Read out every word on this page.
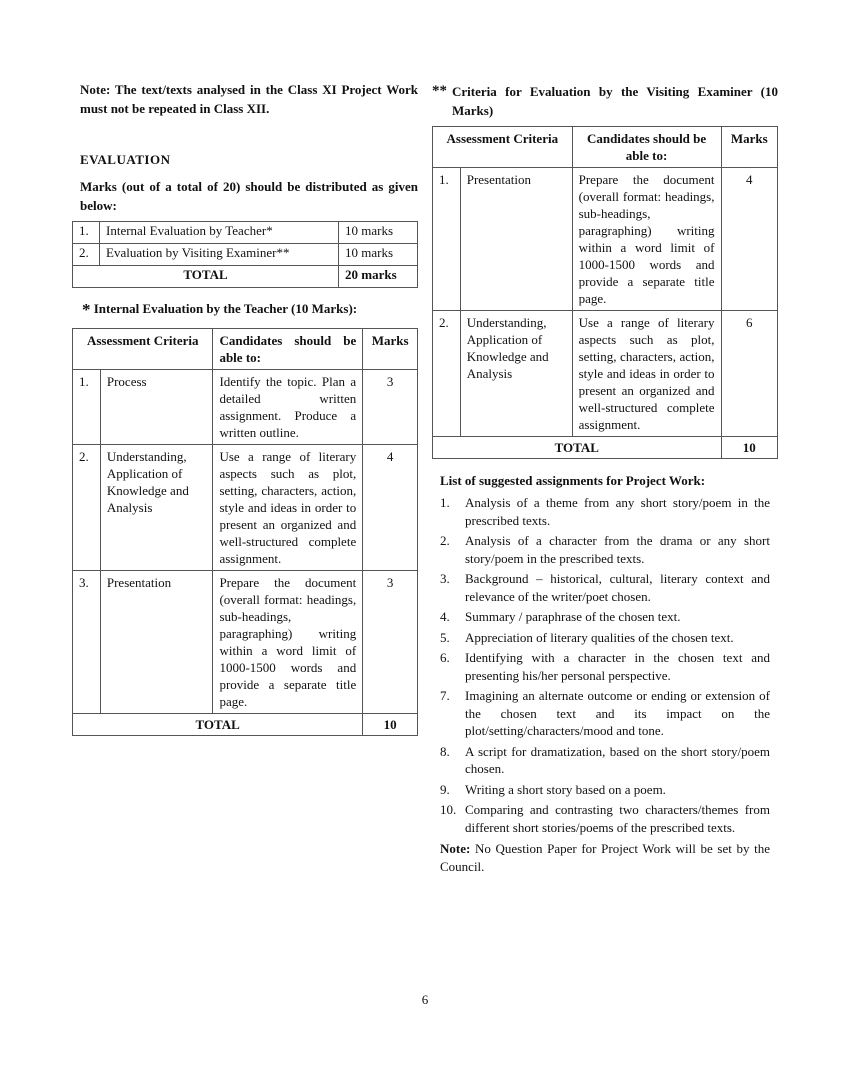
Note: The text/texts analysed in the Class XI Project Work must not be repeated in Class XII.

EVALUATION

Marks (out of a total of 20) should be distributed as given below:

1.	Internal Evaluation by Teacher*	10 marks
2.	Evaluation by Visiting Examiner**	10 marks
TOTAL		20 marks

* Internal Evaluation by the Teacher (10 Marks):

Assessment Criteria		Candidates should be able to:	Marks
1.	Process	Identify the topic. Plan a detailed written assignment. Produce a written outline.	3
2.	Understanding, Application of Knowledge and Analysis	Use a range of literary aspects such as plot, setting, characters, action, style and ideas in order to present an organized and well-structured complete assignment.	4
3.	Presentation	Prepare the document (overall format: headings, sub-headings, paragraphing) writing within a word limit of 1000-1500 words and provide a separate title page.	3
TOTAL			10
** Criteria for Evaluation by the Visiting Examiner (10 Marks)
Assessment Criteria		Candidates should be able to:	Marks
1.	Presentation	Prepare the document (overall format: headings, sub-headings, paragraphing) writing within a word limit of 1000-1500 words and provide a separate title page.	4
2.	Understanding, Application of Knowledge and Analysis	Use a range of literary aspects such as plot, setting, characters, action, style and ideas in order to present an organized and well-structured complete assignment.	6
TOTAL			10

List of suggested assignments for Project Work:

1.	Analysis of a theme from any short story/poem in the prescribed texts.
2.	Analysis of a character from the drama or any short story/poem in the prescribed texts.
3.	Background – historical, cultural, literary context and relevance of the writer/poet chosen.
4.	Summary / paraphrase of the chosen text.
5.	Appreciation of literary qualities of the chosen text.
6.	Identifying with a character in the chosen text and presenting his/her personal perspective.
7.	Imagining an alternate outcome or ending or extension of the chosen text and its impact on the plot/setting/characters/mood and tone.
8.	A script for dramatization, based on the short story/poem chosen.
9.	Writing a short story based on a poem.
10. Comparing and contrasting two characters/themes from different short stories/poems of the prescribed texts.

Note: No Question Paper for Project Work will be set by the Council.

6
